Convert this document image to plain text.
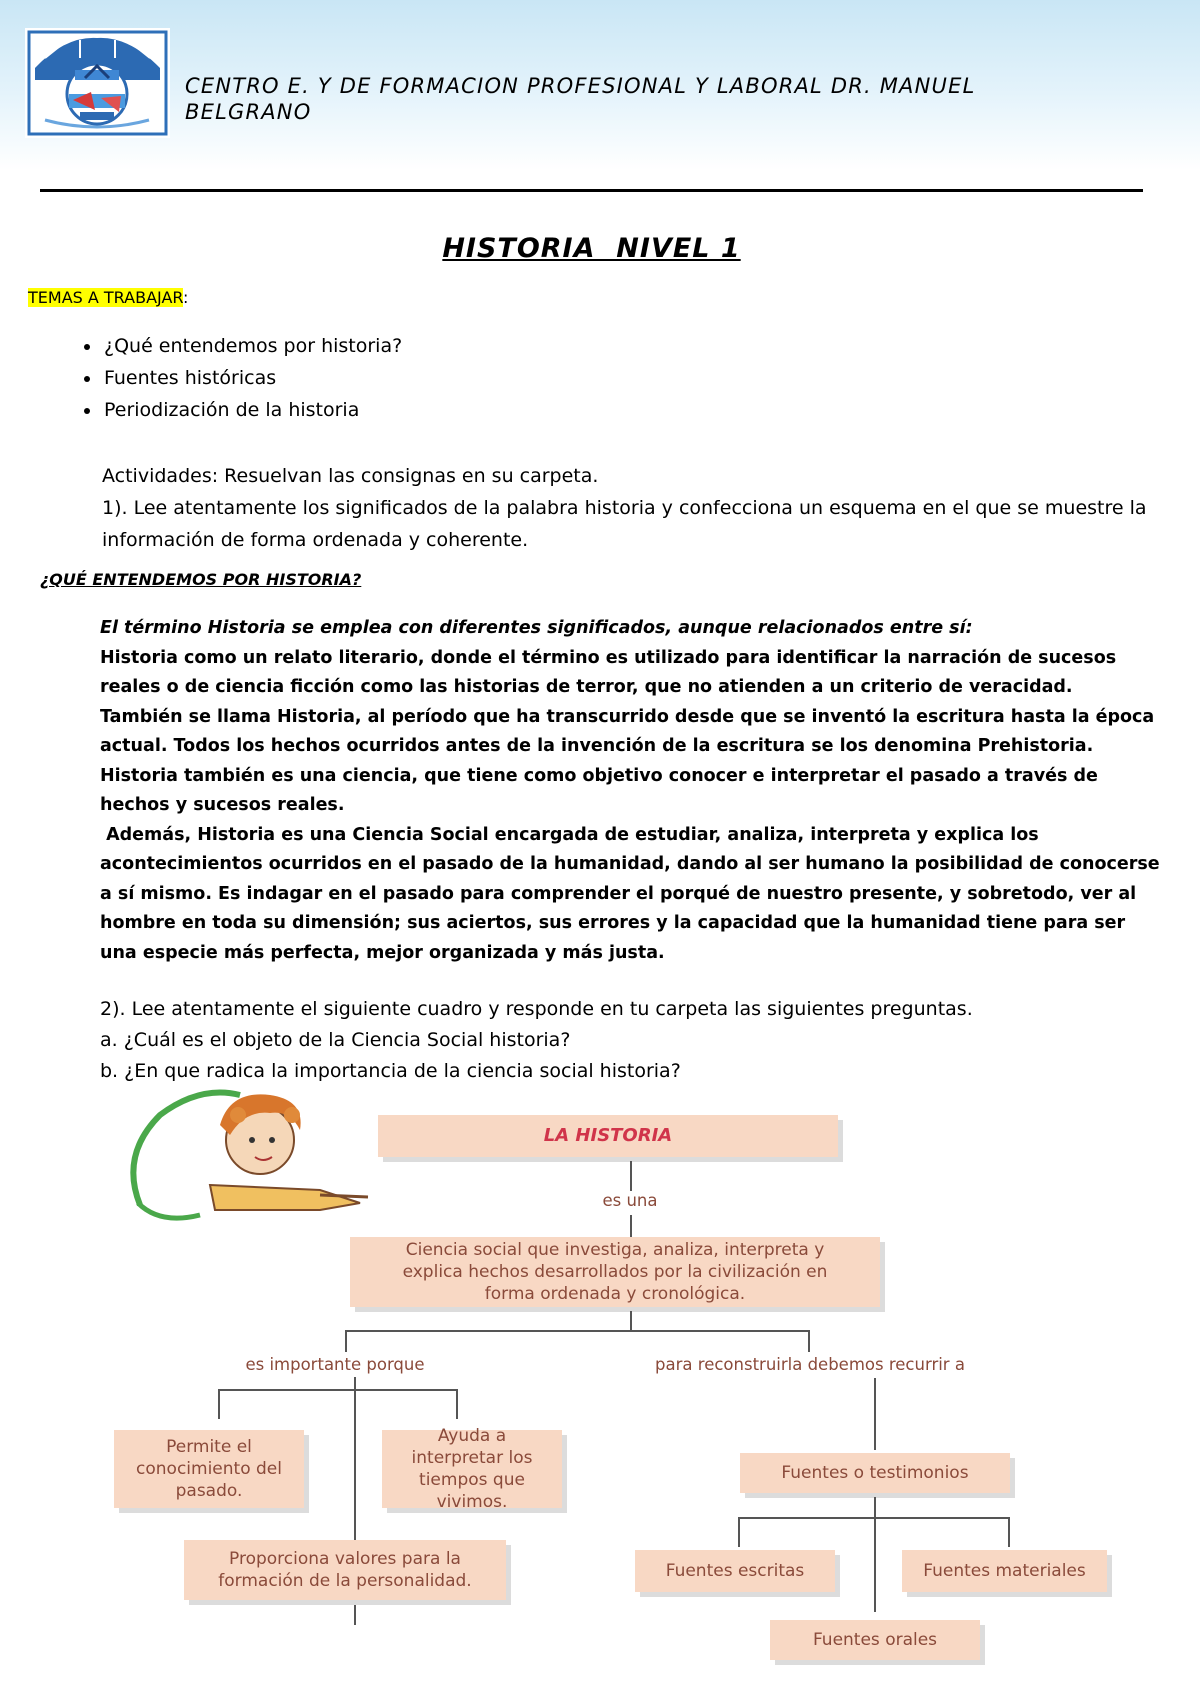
CENTRO E. Y DE FORMACION PROFESIONAL Y LABORAL DR. MANUEL
BELGRANO
HISTORIA  NIVEL 1
TEMAS A TRABAJAR:
• ¿Qué entendemos por historia?
• Fuentes históricas
• Periodización de la historia

Actividades: Resuelvan las consignas en su carpeta.

1). Lee atentamente los significados de la palabra historia y confecciona un esquema en el que se muestre la información de forma ordenada y coherente.

¿QUÉ ENTENDEMOS POR HISTORIA?

El término Historia se emplea con diferentes significados, aunque relacionados entre sí:

Historia como un relato literario, donde el término es utilizado para identificar la narración de sucesos reales o de ciencia ficción como las historias de terror, que no atienden a un criterio de veracidad.

También se llama Historia, al período que ha transcurrido desde que se inventó la escritura hasta la época actual. Todos los hechos ocurridos antes de la invención de la escritura se los denomina Prehistoria.

Historia también es una ciencia, que tiene como objetivo conocer e interpretar el pasado a través de hechos y sucesos reales.

Además, Historia es una Ciencia Social encargada de estudiar, analiza, interpreta y explica los acontecimientos ocurridos en el pasado de la humanidad, dando al ser humano la posibilidad de conocerse a sí mismo. Es indagar en el pasado para comprender el porqué de nuestro presente, y sobretodo, ver al hombre en toda su dimensión; sus aciertos, sus errores y la capacidad que la humanidad tiene para ser una especie más perfecta, mejor organizada y más justa.

2). Lee atentamente el siguiente cuadro y responde en tu carpeta las siguientes preguntas.

a. ¿Cuál es el objeto de la Ciencia Social historia?

b. ¿En que radica la importancia de la ciencia social historia?

LA HISTORIA
es una
Ciencia social que investiga, analiza, interpreta y explica hechos desarrollados por la civilización en forma ordenada y cronológica.
es importante porque	para reconstruirla debemos recurrir a
Permite el conocimiento del pasado.
Ayuda a interpretar los tiempos que vivimos.
Proporciona valores para la formación de la personalidad.
Fuentes o testimonios
Fuentes escritas	Fuentes materiales
Fuentes orales
